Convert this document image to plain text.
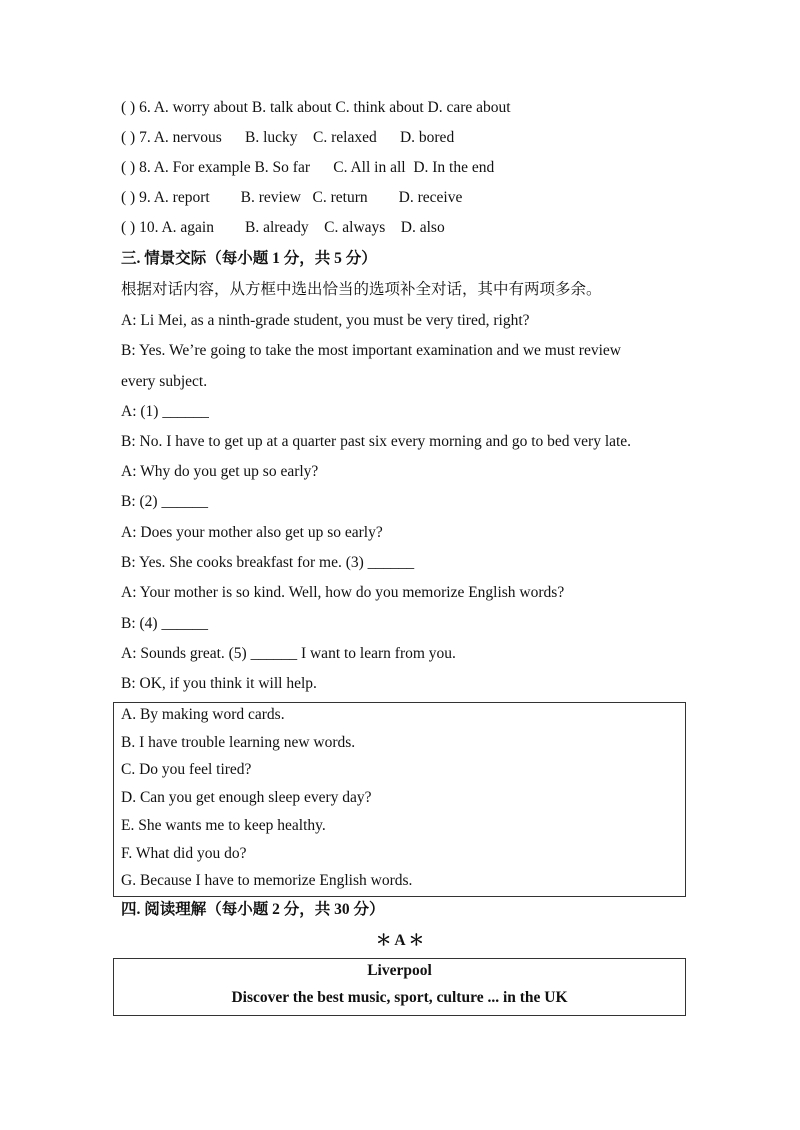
( ) 6. A. worry about B. talk about C. think about D. care about
( ) 7. A. nervous      B. lucky    C. relaxed      D. bored
( ) 8. A. For example B. So far      C. All in all  D. In the end
( ) 9. A. report        B. review   C. return        D. receive
( ) 10. A. again        B. already    C. always    D. also
三. 情景交际（每小题 1 分，共 5 分）
根据对话内容，从方框中选出恰当的选项补全对话，其中有两项多余。
A: Li Mei, as a ninth-grade student, you must be very tired, right?
B: Yes. We’re going to take the most important examination and we must review
every subject.
A: (1) ______
B: No. I have to get up at a quarter past six every morning and go to bed very late.
A: Why do you get up so early?
B: (2) ______
A: Does your mother also get up so early?
B: Yes. She cooks breakfast for me. (3) ______
A: Your mother is so kind. Well, how do you memorize English words?
B: (4) ______
A: Sounds great. (5) ______ I want to learn from you.
B: OK, if you think it will help.
A. By making word cards.
B. I have trouble learning new words.
C. Do you feel tired?
D. Can you get enough sleep every day?
E. She wants me to keep healthy.
F. What did you do?
G. Because I have to memorize English words.
四. 阅读理解（每小题 2 分，共 30 分）
＊ A ＊
Liverpool
Discover the best music, sport, culture ... in the UK
